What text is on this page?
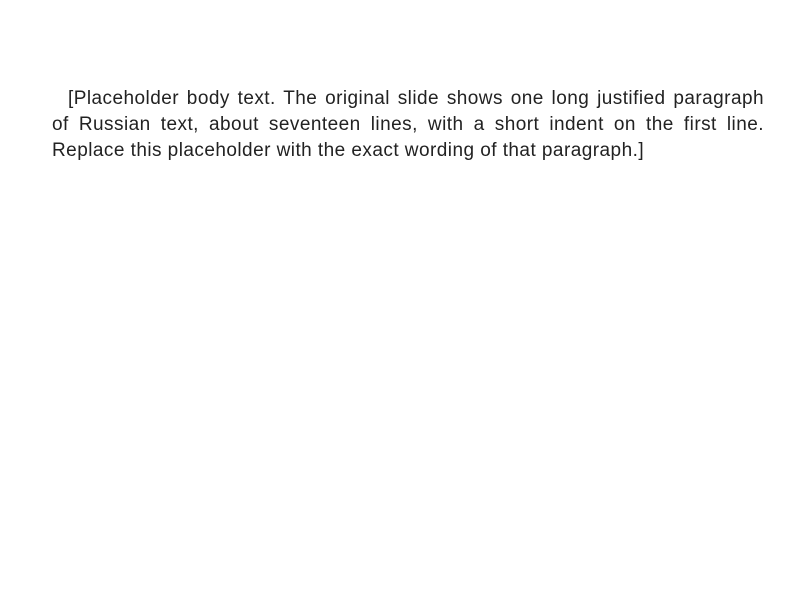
[Placeholder body text. The original slide shows one long justified paragraph of Russian text, about seventeen lines, with a short indent on the first line. Replace this placeholder with the exact wording of that paragraph.]
